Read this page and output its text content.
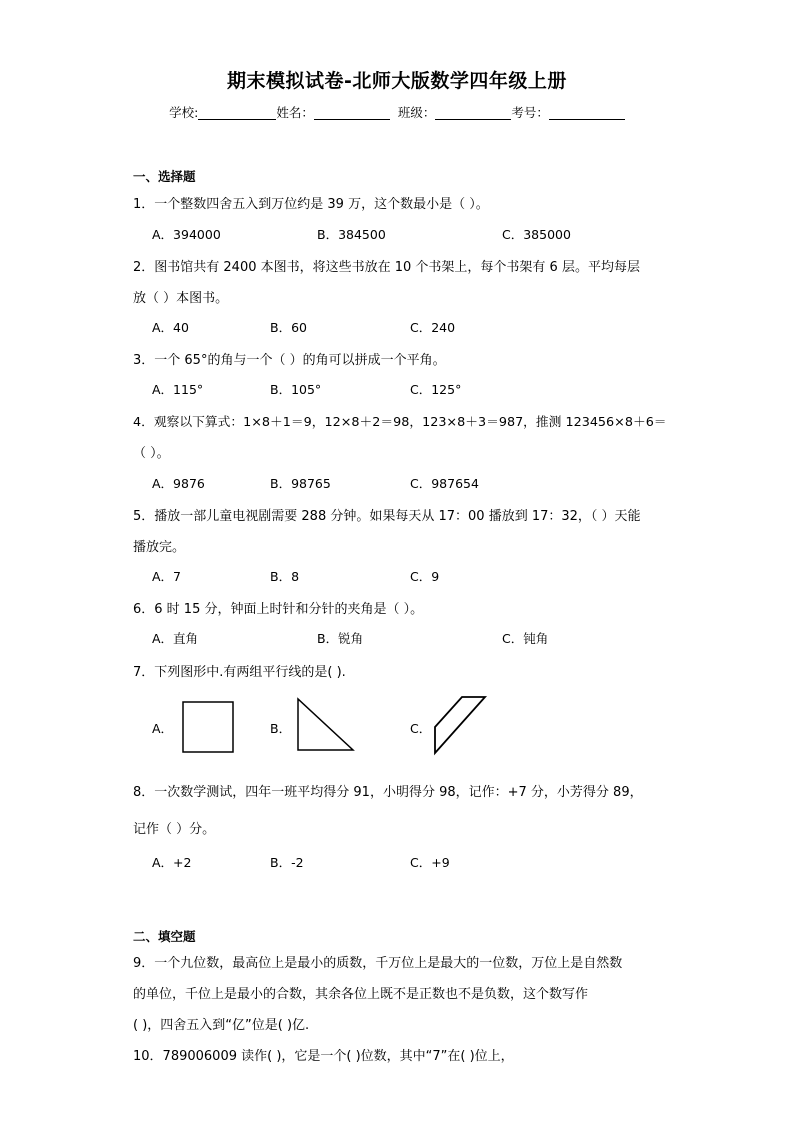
期末模拟试卷-北师大版数学四年级上册
学校:	姓名：	班级：	考号：
一、选择题
1．一个整数四舍五入到万位约是 39 万，这个数最小是（ ）。
A．394000	B．384500	C．385000
2．图书馆共有 2400 本图书，将这些书放在 10 个书架上，每个书架有 6 层。平均每层
放（ ）本图书。
A．40	B．60	C．240
3．一个 65°的角与一个（ ）的角可以拼成一个平角。
A．115°	B．105°	C．125°
4．观察以下算式：1×8＋1＝9，12×8＋2＝98，123×8＋3＝987，推测 123456×8＋6＝
（ ）。
A．9876	B．98765	C．987654
5．播放一部儿童电视剧需要 288 分钟。如果每天从 17：00 播放到 17：32，（ ）天能
播放完。
A．7	B．8	C．9
6．6 时 15 分，钟面上时针和分针的夹角是（ ）。
A．直角	B．锐角	C．钝角
7．下列图形中.有两组平行线的是( ).
A．	B．	C．
8．一次数学测试，四年一班平均得分 91，小明得分 98，记作：+7 分，小芳得分 89，
记作（ ）分。
A．+2	B．-2	C．+9
二、填空题
9．一个九位数，最高位上是最小的质数，千万位上是最大的一位数，万位上是自然数
的单位，千位上是最小的合数，其余各位上既不是正数也不是负数，这个数写作
( )，四舍五入到“亿”位是( )亿.
10．789006009 读作( )，它是一个( )位数，其中“7”在( )位上，
